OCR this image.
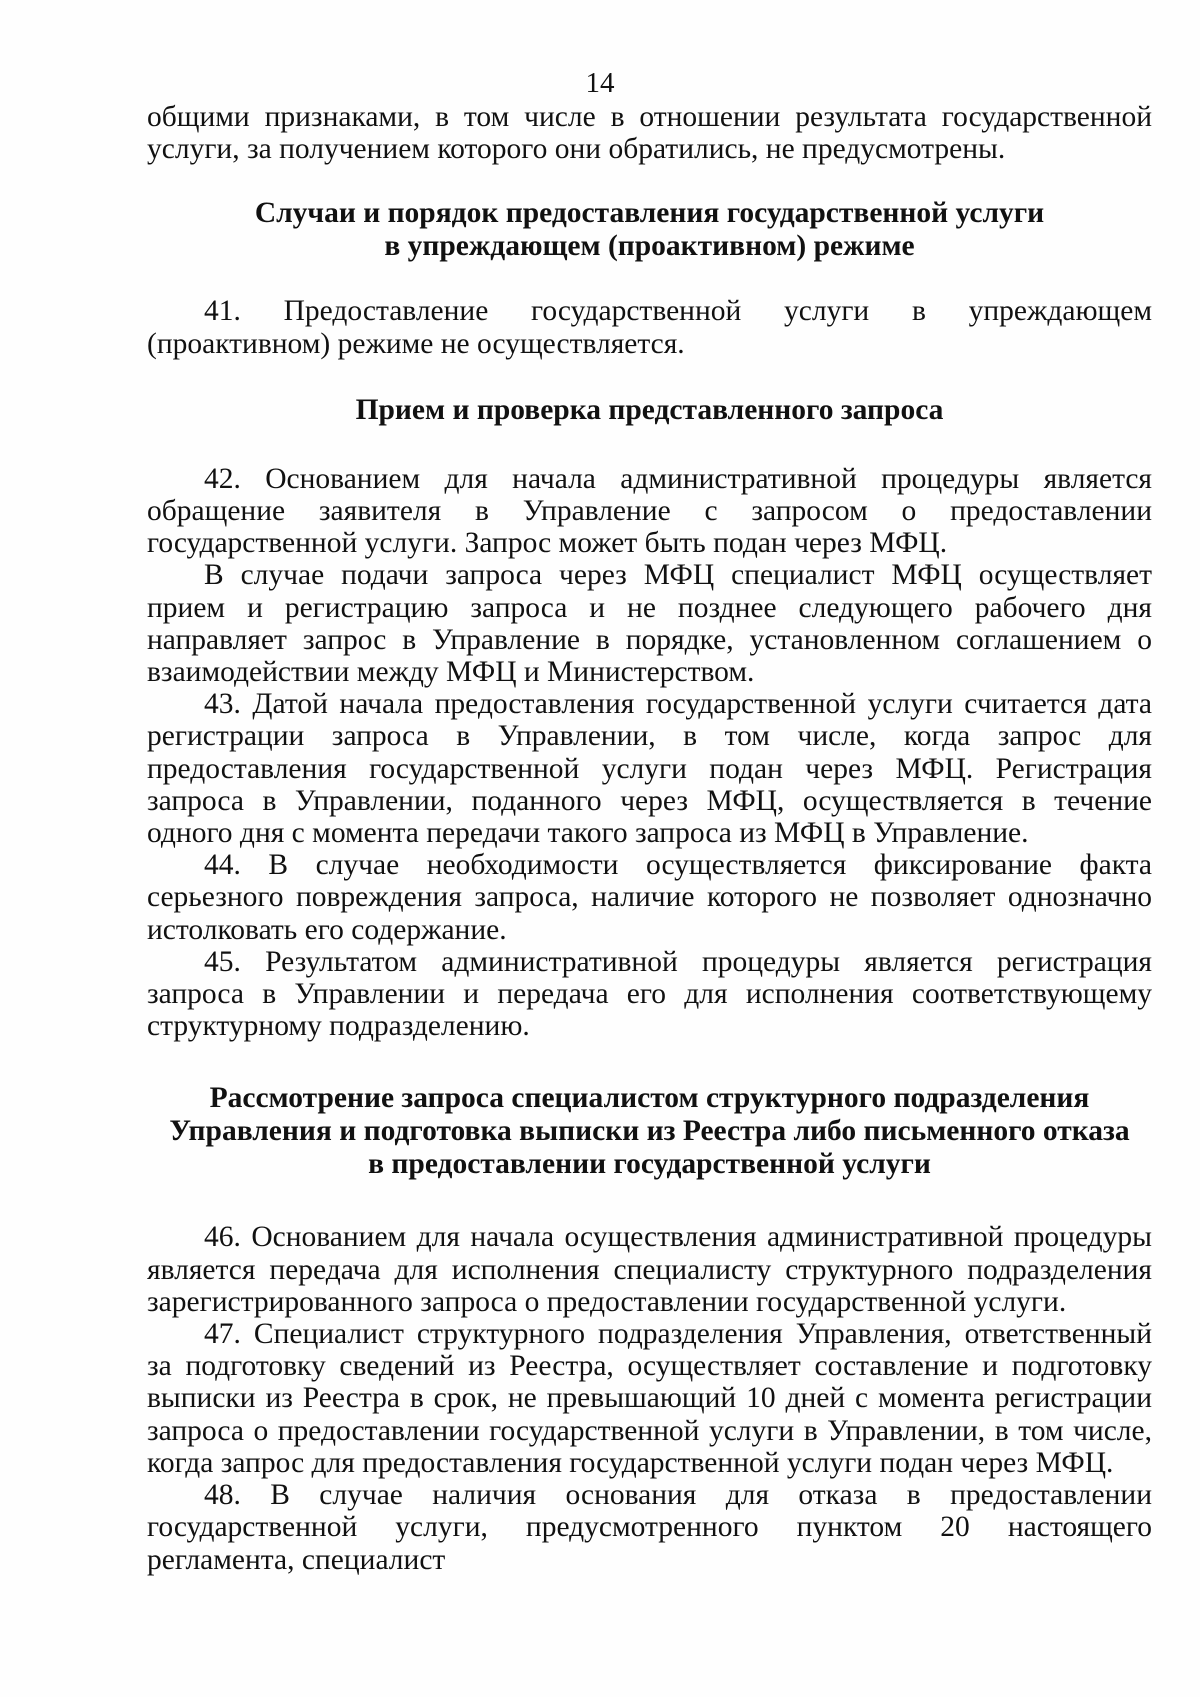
14

общими признаками, в том числе в отношении результата государственной услуги, за получением которого они обратились, не предусмотрены.

Случаи и порядок предоставления государственной услуги
в упреждающем (проактивном) режиме

41. Предоставление государственной услуги в упреждающем (проактивном) режиме не осуществляется.

Прием и проверка представленного запроса

42. Основанием для начала административной процедуры является обращение заявителя в Управление с запросом о предоставлении государственной услуги. Запрос может быть подан через МФЦ.

В случае подачи запроса через МФЦ специалист МФЦ осуществляет прием и регистрацию запроса и не позднее следующего рабочего дня направляет запрос в Управление в порядке, установленном соглашением о взаимодействии между МФЦ и Министерством.

43. Датой начала предоставления государственной услуги считается дата регистрации запроса в Управлении, в том числе, когда запрос для предоставления государственной услуги подан через МФЦ. Регистрация запроса в Управлении, поданного через МФЦ, осуществляется в течение одного дня с момента передачи такого запроса из МФЦ в Управление.

44. В случае необходимости осуществляется фиксирование факта серьезного повреждения запроса, наличие которого не позволяет однозначно истолковать его содержание.

45. Результатом административной процедуры является регистрация запроса в Управлении и передача его для исполнения соответствующему структурному подразделению.

Рассмотрение запроса специалистом структурного подразделения
Управления и подготовка выписки из Реестра либо письменного отказа
в предоставлении государственной услуги

46. Основанием для начала осуществления административной процедуры является передача для исполнения специалисту структурного подразделения зарегистрированного запроса о предоставлении государственной услуги.

47. Специалист структурного подразделения Управления, ответственный за подготовку сведений из Реестра, осуществляет составление и подготовку выписки из Реестра в срок, не превышающий 10 дней с момента регистрации запроса о предоставлении государственной услуги в Управлении, в том числе, когда запрос для предоставления государственной услуги подан через МФЦ.

48. В случае наличия основания для отказа в предоставлении государственной услуги, предусмотренного пунктом 20 настоящего регламента, специалист
